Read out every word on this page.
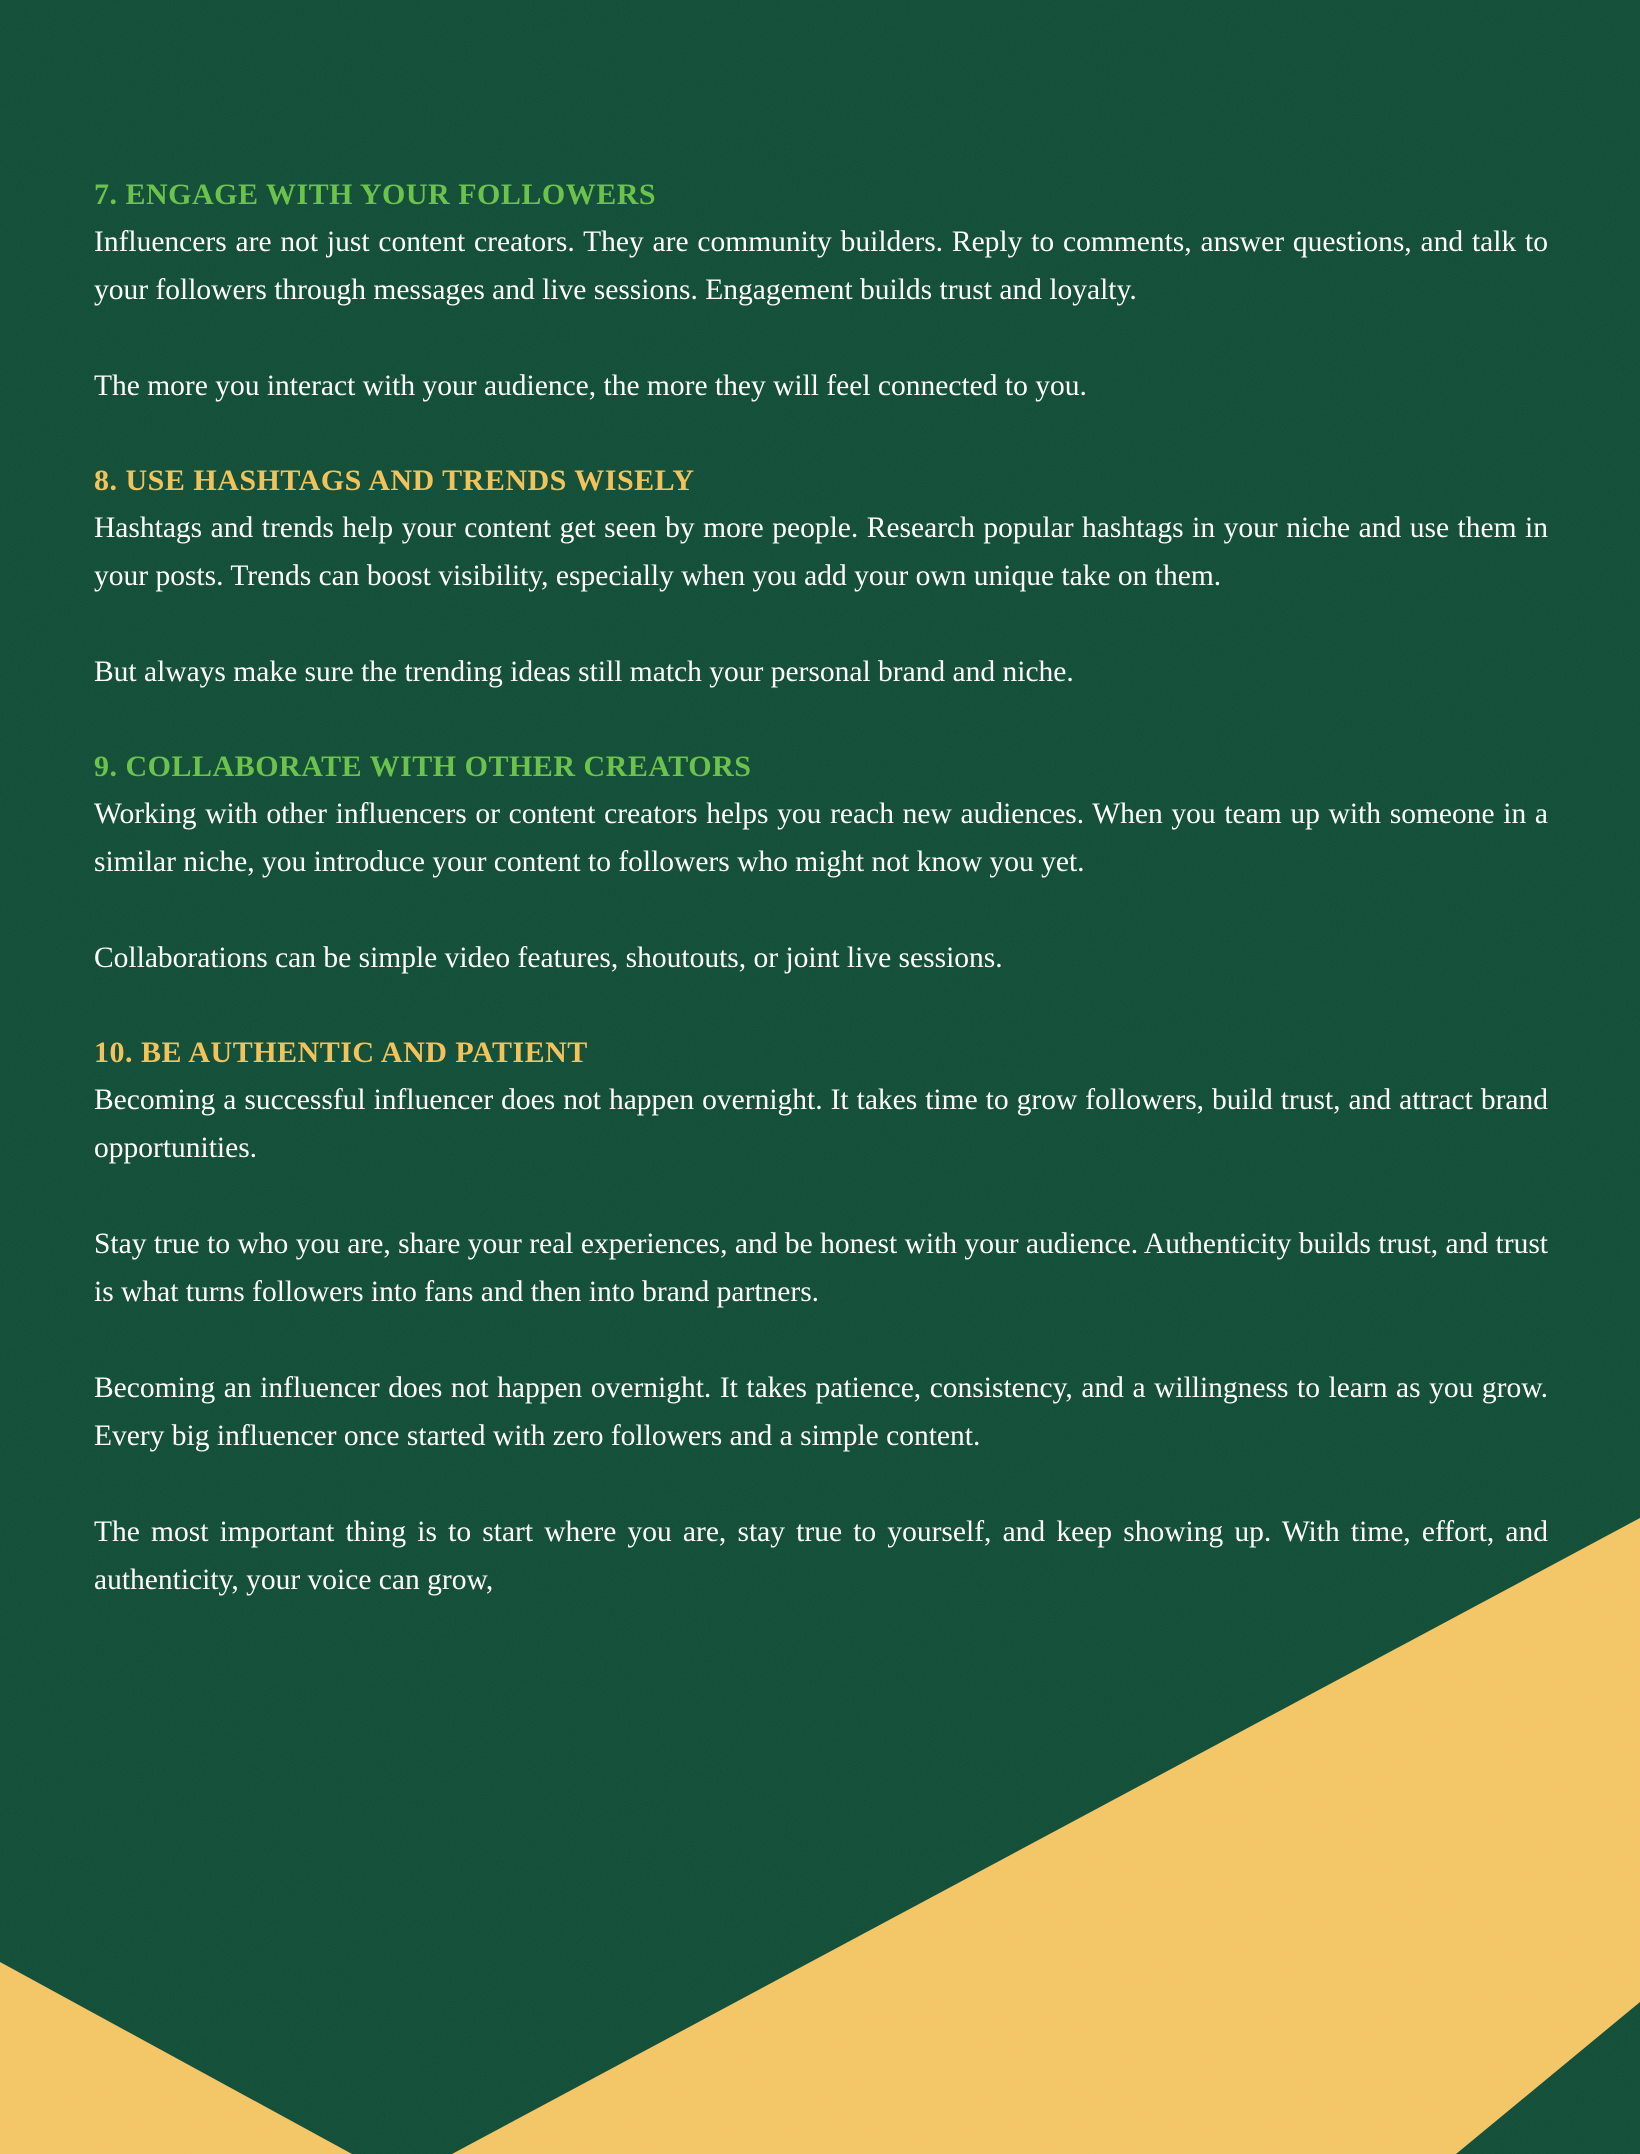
7. ENGAGE WITH YOUR FOLLOWERS

Influencers are not just content creators. They are community builders. Reply to comments, answer questions, and talk to your followers through messages and live sessions. Engagement builds trust and loyalty.

The more you interact with your audience, the more they will feel connected to you.

8. USE HASHTAGS AND TRENDS WISELY

Hashtags and trends help your content get seen by more people. Research popular hashtags in your niche and use them in your posts. Trends can boost visibility, especially when you add your own unique take on them.

But always make sure the trending ideas still match your personal brand and niche.

9. COLLABORATE WITH OTHER CREATORS

Working with other influencers or content creators helps you reach new audiences. When you team up with someone in a similar niche, you introduce your content to followers who might not know you yet.

Collaborations can be simple video features, shoutouts, or joint live sessions.

10. BE AUTHENTIC AND PATIENT

Becoming a successful influencer does not happen overnight. It takes time to grow followers, build trust, and attract brand opportunities.

Stay true to who you are, share your real experiences, and be honest with your audience. Authenticity builds trust, and trust is what turns followers into fans and then into brand partners.

Becoming an influencer does not happen overnight. It takes patience, consistency, and a willingness to learn as you grow. Every big influencer once started with zero followers and a simple content.

The most important thing is to start where you are, stay true to yourself, and keep showing up. With time, effort, and authenticity, your voice can grow,
